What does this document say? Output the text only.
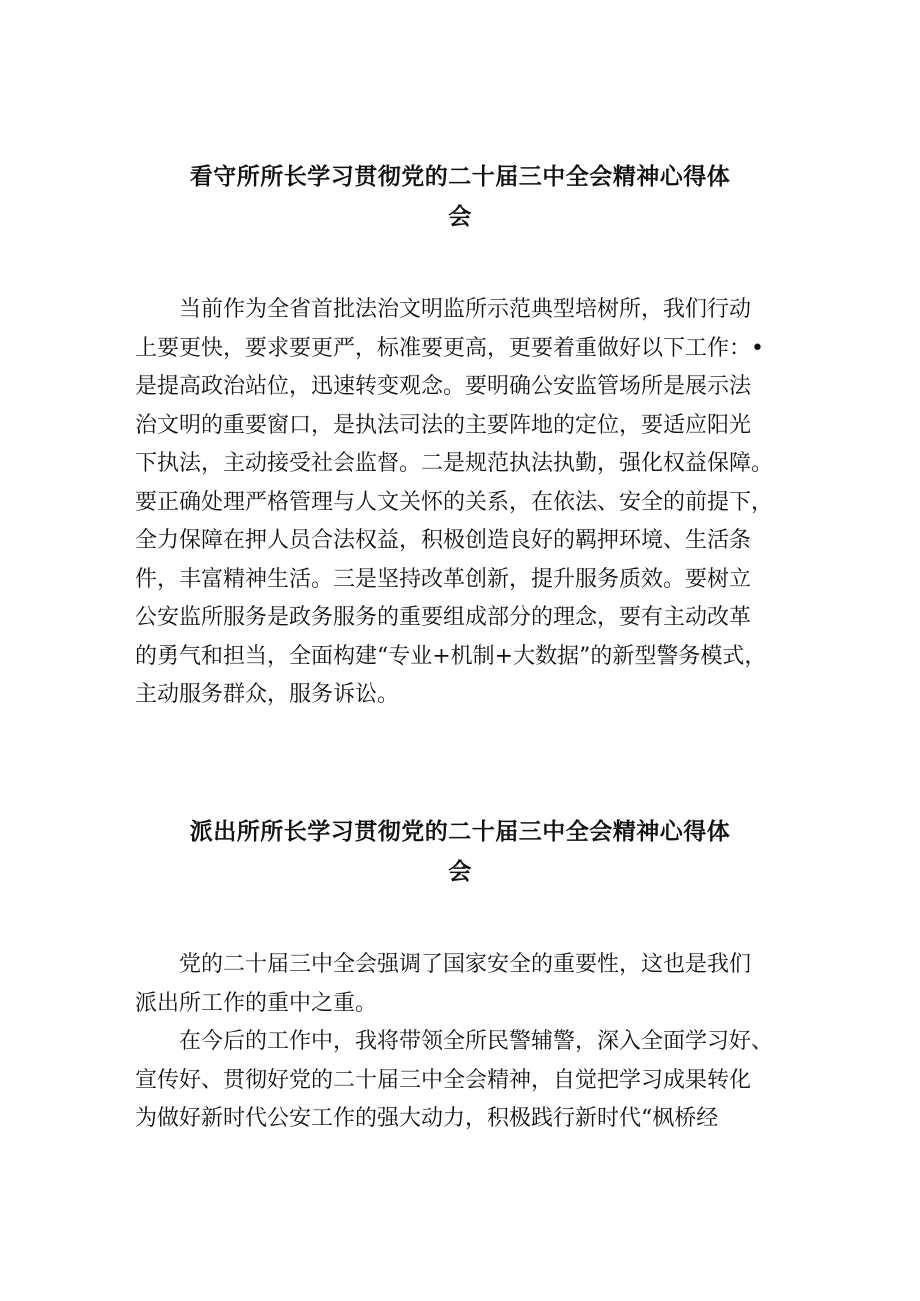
看守所所长学习贯彻党的二十届三中全会精神心得体
会
当前作为全省首批法治文明监所示范典型培树所，我们行动
上要更快，要求要更严，标准要更高，更要着重做好以下工作：•
是提高政治站位，迅速转变观念。要明确公安监管场所是展示法
治文明的重要窗口，是执法司法的主要阵地的定位，要适应阳光
下执法，主动接受社会监督。二是规范执法执勤，强化权益保障。
要正确处理严格管理与人文关怀的关系，在依法、安全的前提下，
全力保障在押人员合法权益，积极创造良好的羁押环境、生活条
件，丰富精神生活。三是坚持改革创新，提升服务质效。要树立
公安监所服务是政务服务的重要组成部分的理念，要有主动改革
的勇气和担当，全面构建“专业+机制+大数据”的新型警务模式，
主动服务群众，服务诉讼。
派出所所长学习贯彻党的二十届三中全会精神心得体
会
党的二十届三中全会强调了国家安全的重要性，这也是我们
派出所工作的重中之重。
在今后的工作中，我将带领全所民警辅警，深入全面学习好、
宣传好、贯彻好党的二十届三中全会精神，自觉把学习成果转化
为做好新时代公安工作的强大动力，积极践行新时代“枫桥经
